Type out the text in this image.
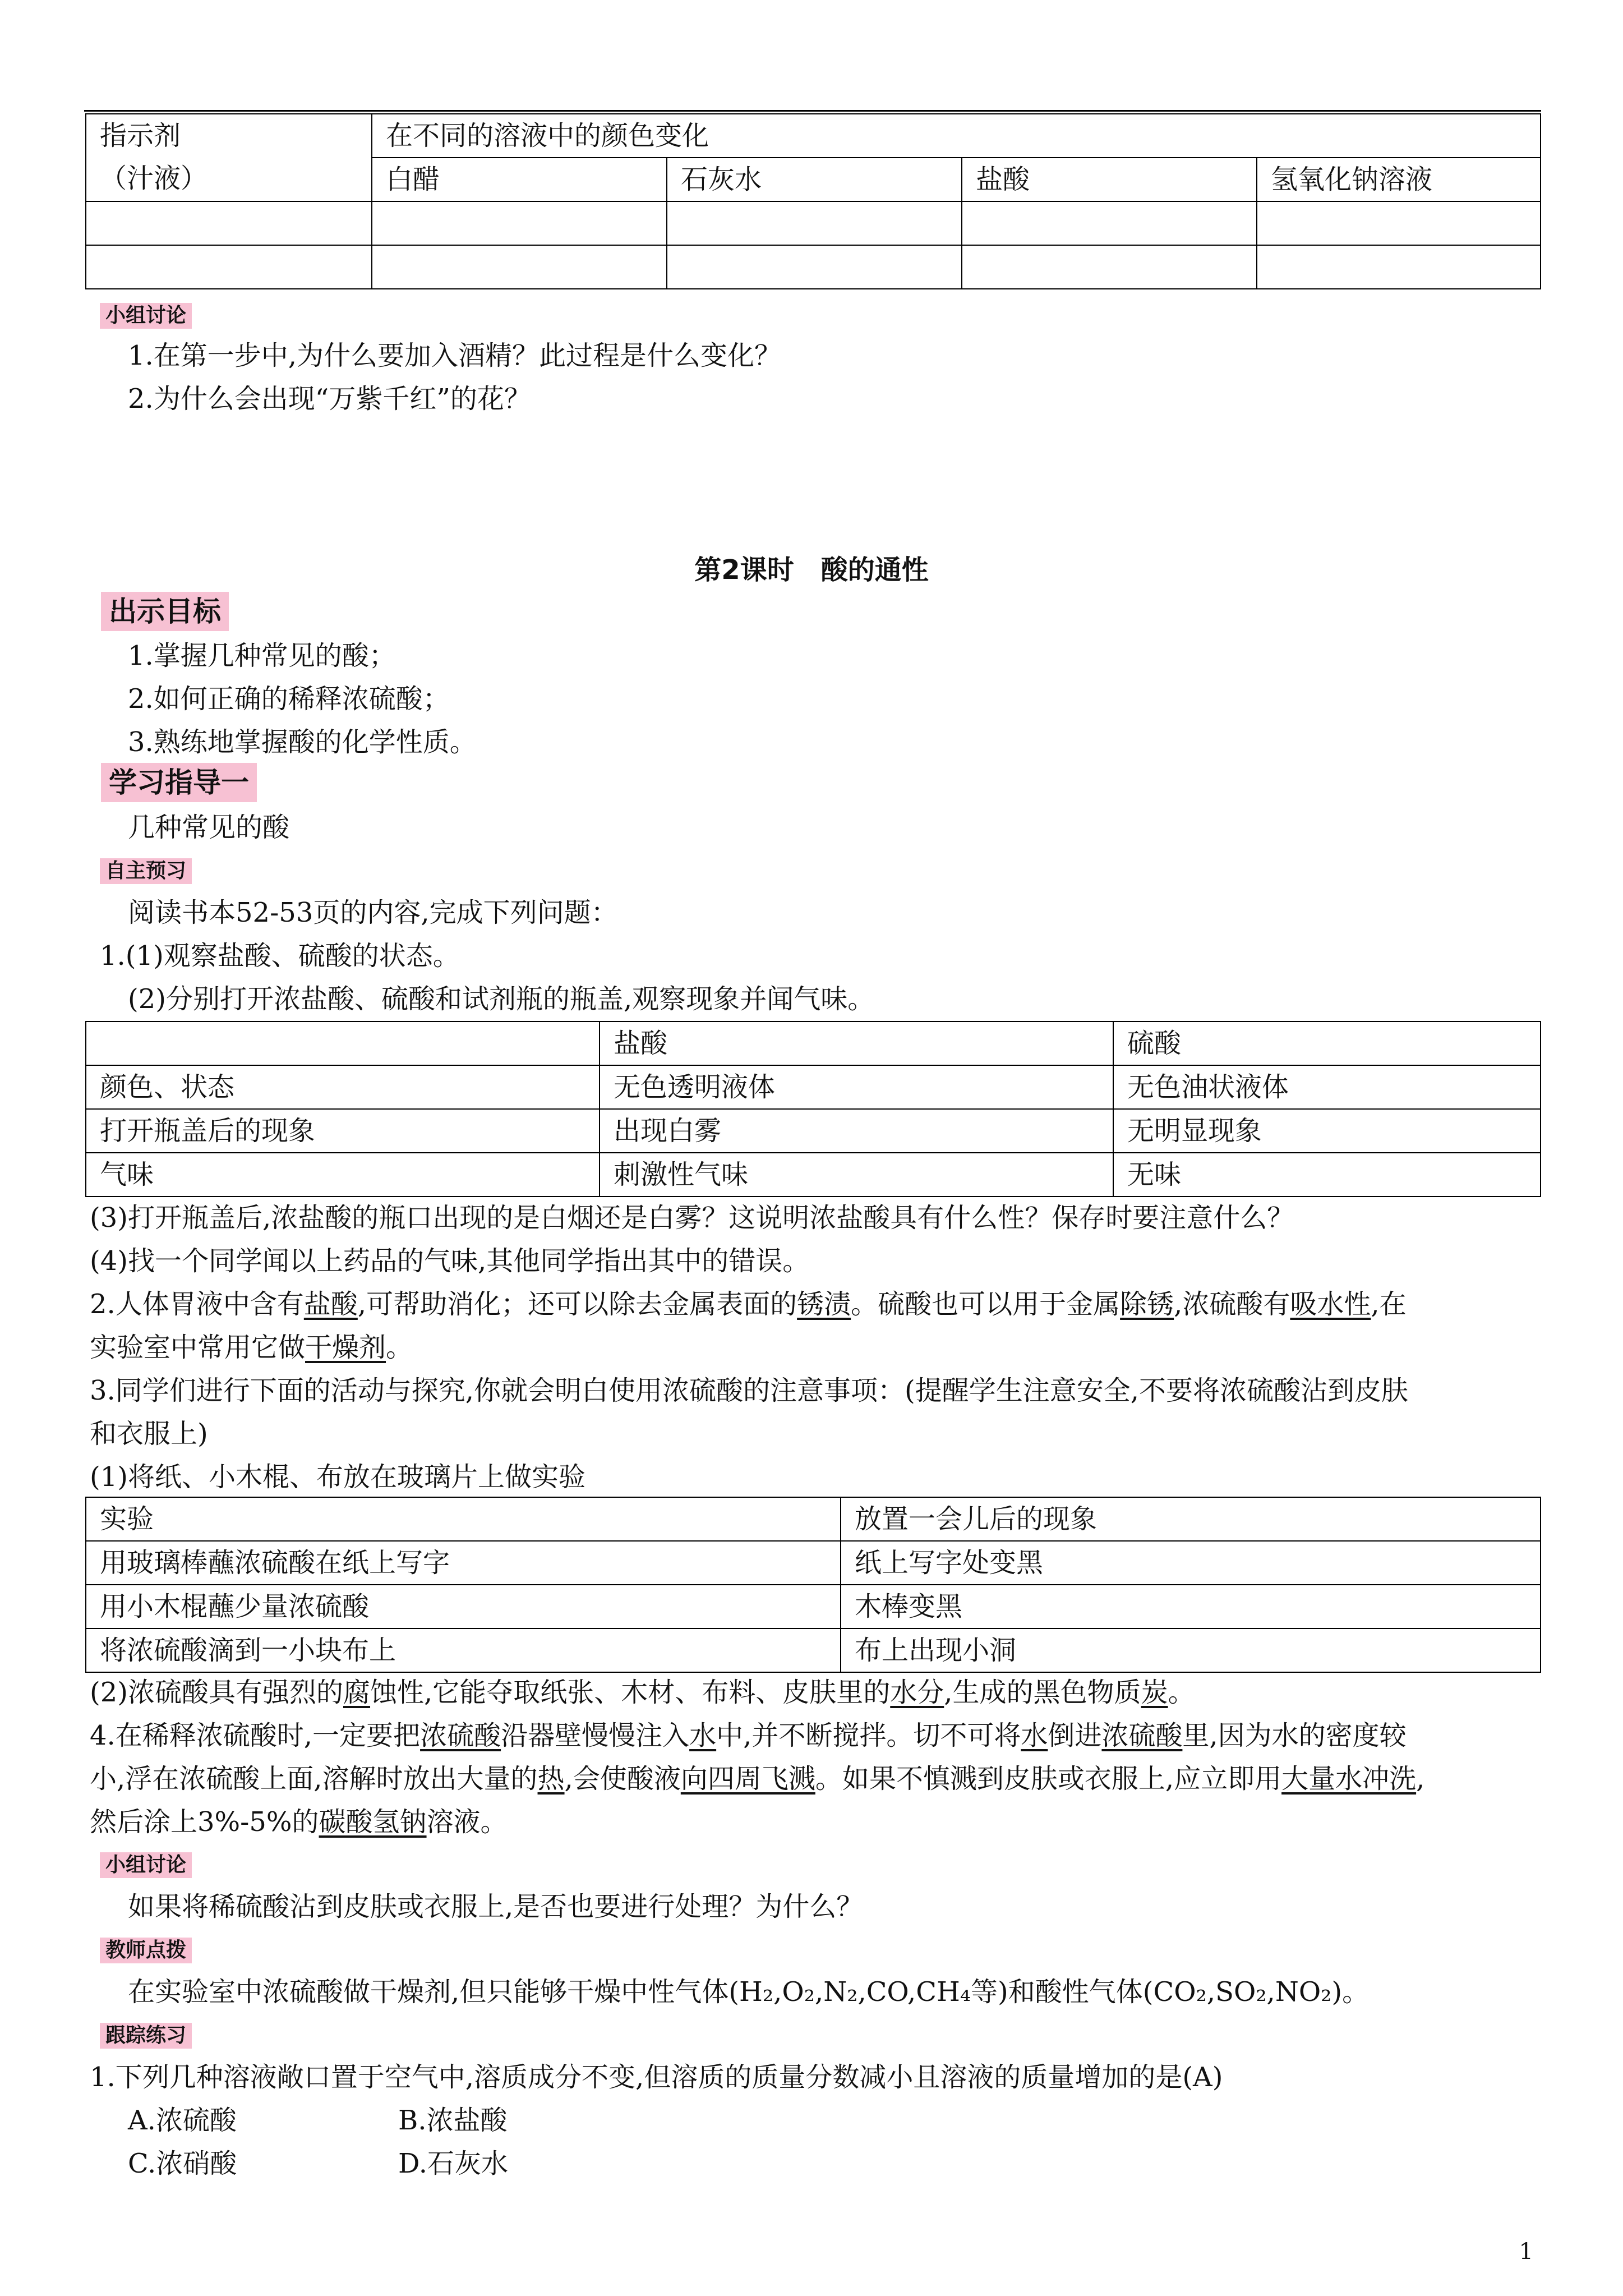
指示剂
（汁液）	在不同的溶液中的颜色变化			
	白醋	石灰水	盐酸	氢氧化钠溶液

小组讨论
1.在第一步中,为什么要加入酒精？此过程是什么变化？
2.为什么会出现“万紫千红”的花？
第2课时　酸的通性
出示目标
1.掌握几种常见的酸；
2.如何正确的稀释浓硫酸；
3.熟练地掌握酸的化学性质。
学习指导一
几种常见的酸
自主预习
阅读书本52-53页的内容,完成下列问题：
1.(1)观察盐酸、硫酸的状态。
(2)分别打开浓盐酸、硫酸和试剂瓶的瓶盖,观察现象并闻气味。
	盐酸	硫酸
颜色、状态	无色透明液体	无色油状液体
打开瓶盖后的现象	出现白雾	无明显现象
气味	刺激性气味	无味
(3)打开瓶盖后,浓盐酸的瓶口出现的是白烟还是白雾？这说明浓盐酸具有什么性？保存时要注意什么？
(4)找一个同学闻以上药品的气味,其他同学指出其中的错误。
2.人体胃液中含有盐酸,可帮助消化；还可以除去金属表面的锈渍。硫酸也可以用于金属除锈,浓硫酸有吸水性,在
实验室中常用它做干燥剂。
3.同学们进行下面的活动与探究,你就会明白使用浓硫酸的注意事项：(提醒学生注意安全,不要将浓硫酸沾到皮肤
和衣服上)
(1)将纸、小木棍、布放在玻璃片上做实验
实验	放置一会儿后的现象
用玻璃棒蘸浓硫酸在纸上写字	纸上写字处变黑
用小木棍蘸少量浓硫酸	木棒变黑
将浓硫酸滴到一小块布上	布上出现小洞
(2)浓硫酸具有强烈的腐蚀性,它能夺取纸张、木材、布料、皮肤里的水分,生成的黑色物质炭。
4.在稀释浓硫酸时,一定要把浓硫酸沿器壁慢慢注入水中,并不断搅拌。切不可将水倒进浓硫酸里,因为水的密度较
小,浮在浓硫酸上面,溶解时放出大量的热,会使酸液向四周飞溅。如果不慎溅到皮肤或衣服上,应立即用大量水冲洗,
然后涂上3%-5%的碳酸氢钠溶液。
小组讨论
如果将稀硫酸沾到皮肤或衣服上,是否也要进行处理？为什么？
教师点拨
在实验室中浓硫酸做干燥剂,但只能够干燥中性气体(H₂,O₂,N₂,CO,CH₄等)和酸性气体(CO₂,SO₂,NO₂)。
跟踪练习
1.下列几种溶液敞口置于空气中,溶质成分不变,但溶质的质量分数减小且溶液的质量增加的是(A)
A.浓硫酸	B.浓盐酸
C.浓硝酸	D.石灰水
1
